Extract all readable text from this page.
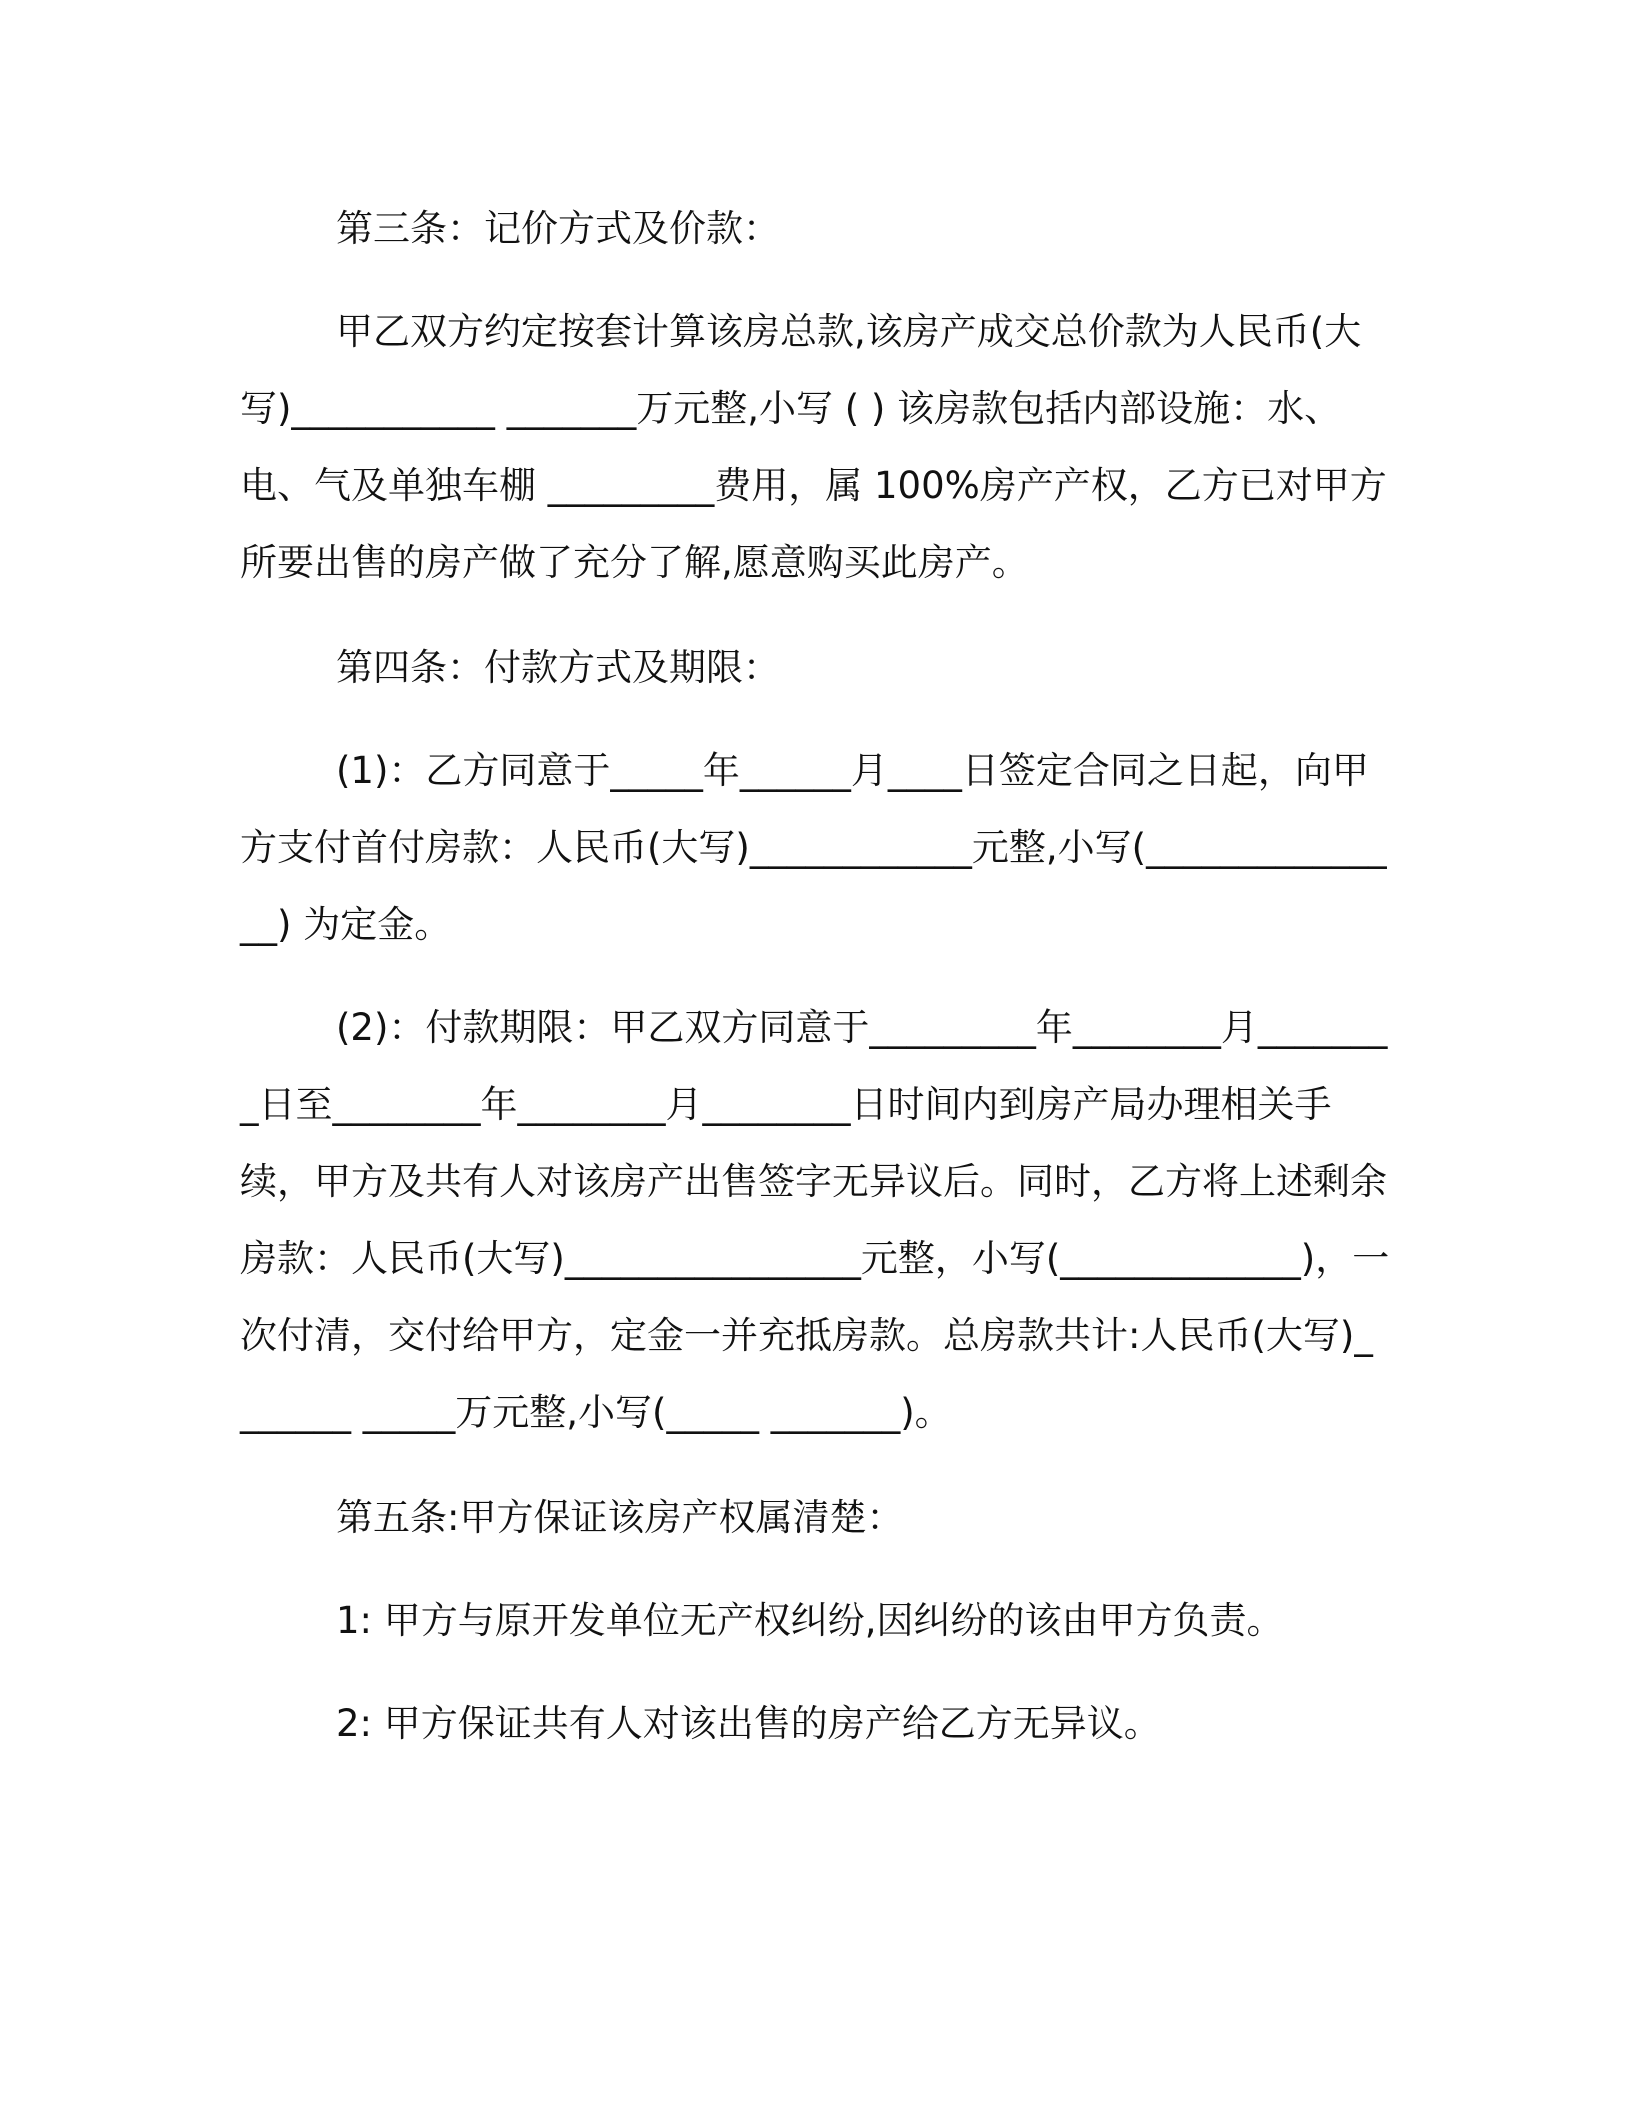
第三条：记价方式及价款：

甲乙双方约定按套计算该房总款,该房产成交总价款为人民币(大写)___________ _______万元整,小写 ( ) 该房款包括内部设施：水、电、气及单独车棚 _________费用，属 100%房产产权，乙方已对甲方所要出售的房产做了充分了解,愿意购买此房产。

第四条：付款方式及期限：

(1)：乙方同意于_____年______月____日签定合同之日起，向甲方支付首付房款：人民币(大写)____________元整,小写(_______________) 为定金。

(2)：付款期限：甲乙双方同意于_________年________月________日至________年________月________日时间内到房产局办理相关手续，甲方及共有人对该房产出售签字无异议后。同时，乙方将上述剩余房款：人民币(大写)________________元整，小写(_____________)，一次付清，交付给甲方，定金一并充抵房款。总房款共计:人民币(大写)_______ _____万元整,小写(_____ _______)。

第五条:甲方保证该房产权属清楚：

1: 甲方与原开发单位无产权纠纷,因纠纷的该由甲方负责。

2: 甲方保证共有人对该出售的房产给乙方无异议。
